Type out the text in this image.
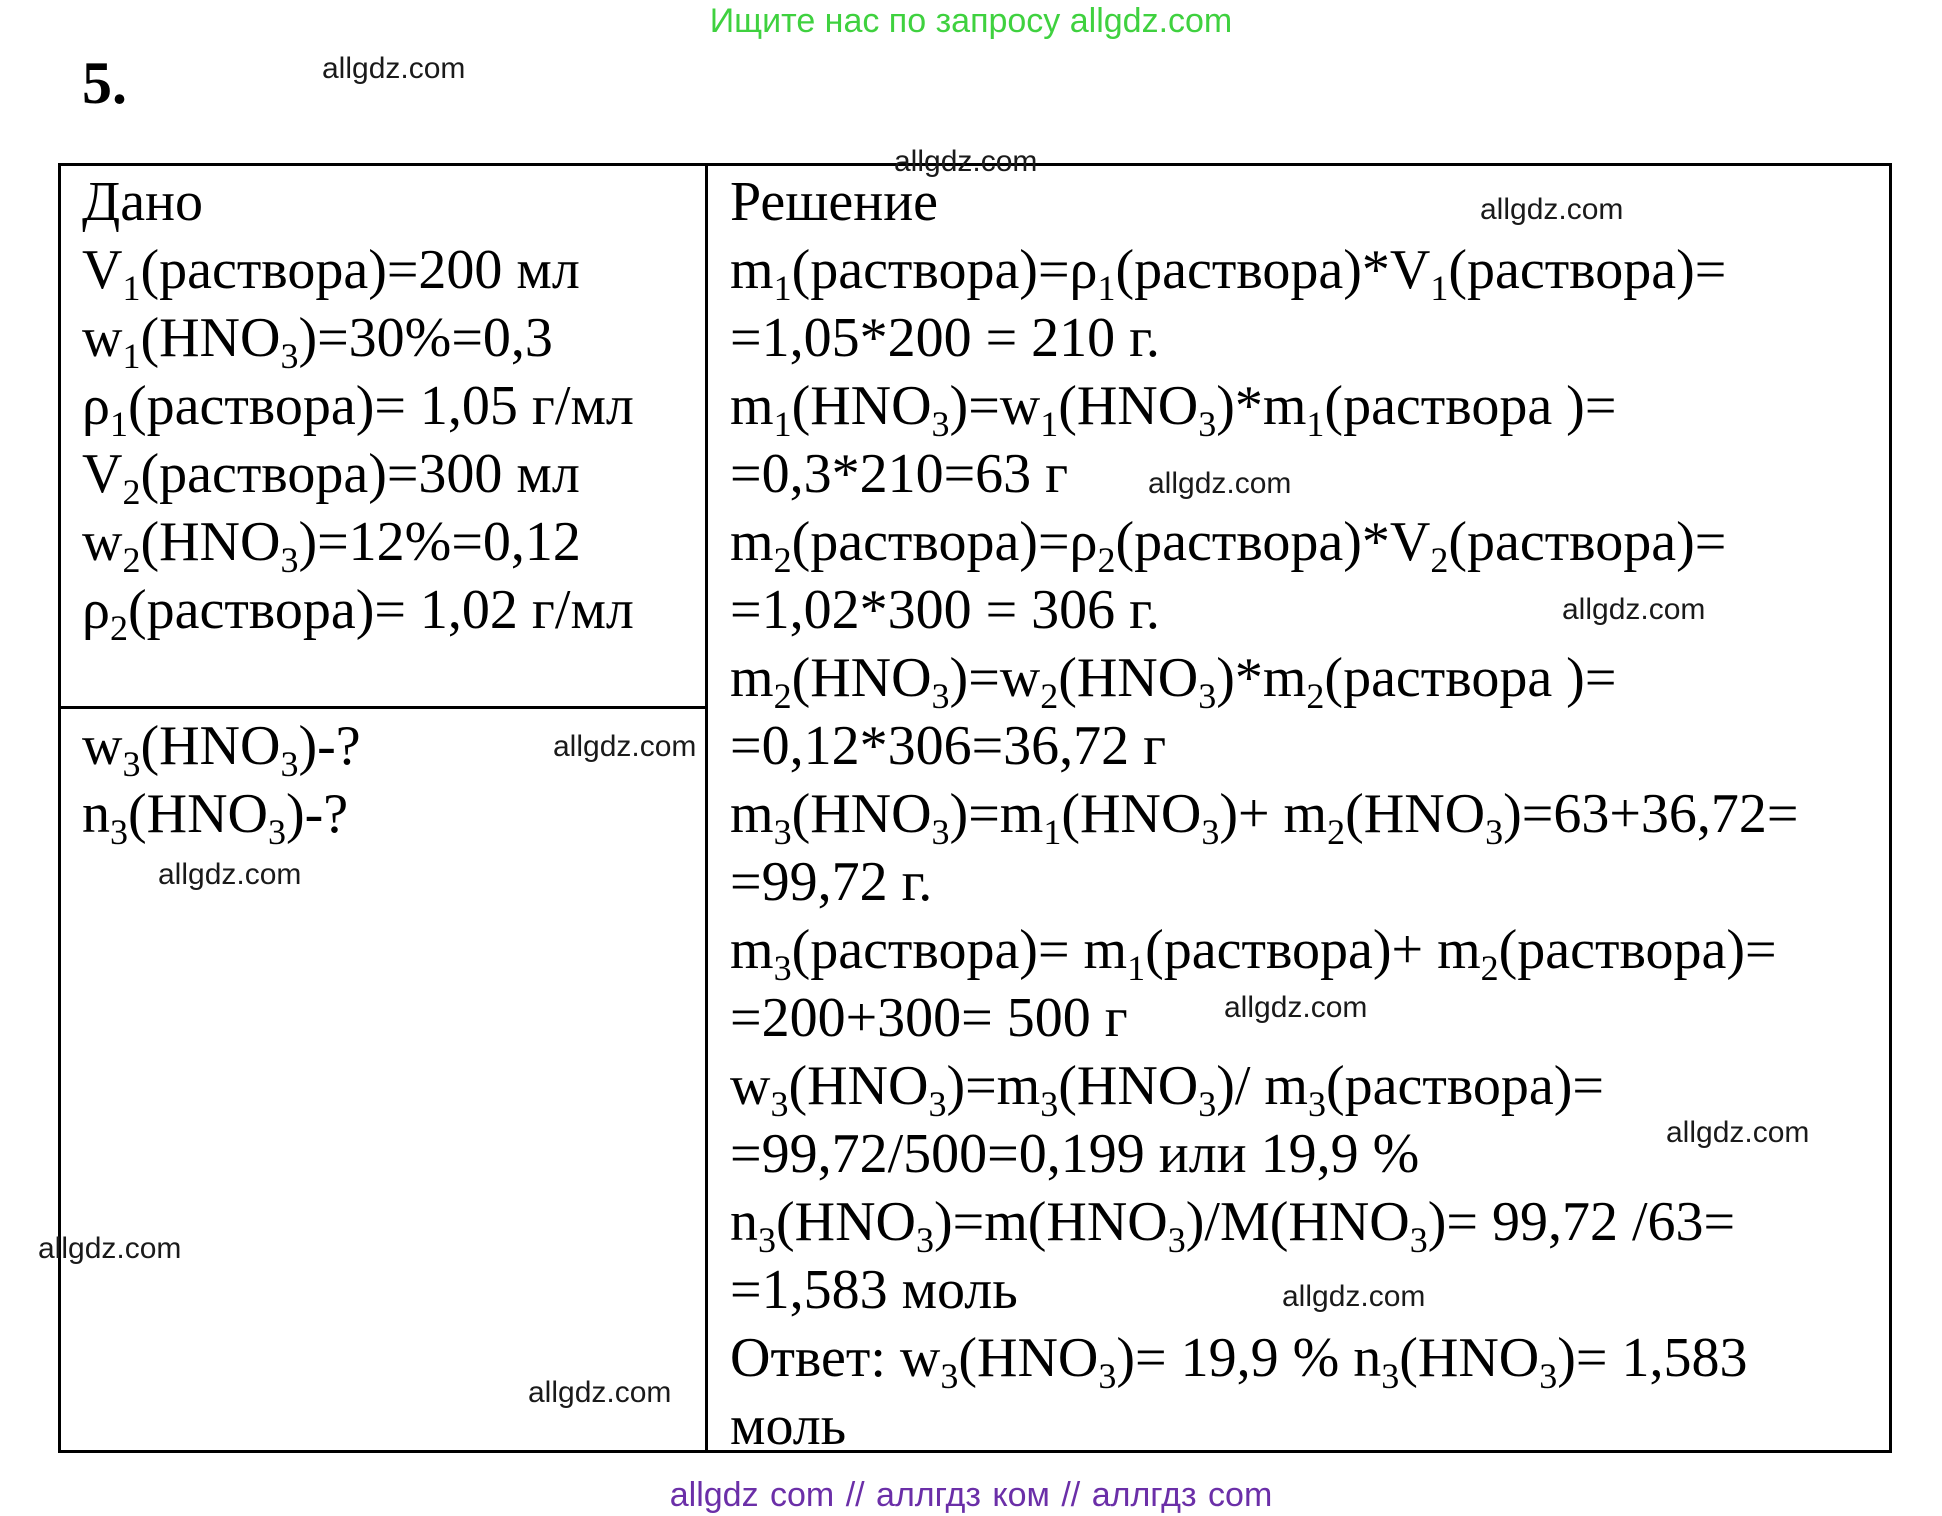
Ищите нас по запросу allgdz.com
5.
Дано
$V_1(раствора)=200$ мл
$w_1(HNO_3)=30\%=0,3$
$\rho_1(раствора)= 1,05$ г/мл
$V_2(раствора)=300$ мл
$w_2(HNO_3)=12\%=0,12$
$\rho_2(раствора)= 1,02$ г/мл
$w_3(HNO_3)-$?
$n_3(HNO_3)-$?
Решение
$m_1(раствора)=\rho_1(раствора)*V_1(раствора)=$
=1,05*200 = 210 г.
$m_1(HNO_3)=w_1(HNO_3)*m_1(раствора$ )=
=0,3*210=63 г
$m_2(раствора)=\rho_2(раствора)*V_2(раствора)=$
=1,02*300 = 306 г.
$m_2(HNO_3)=w_2(HNO_3)*m_2(раствора$ )=
=0,12*306=36,72 г
$m_3(HNO_3)=m_1(HNO_3)+ m_2(HNO_3)=63+36,72=$
=99,72 г.
$m_3(раствора)=$ $m_1(раствора)+$ $m_2(раствора)=$
=200+300= 500 г
$w_3(HNO_3)=m_3(HNO_3)/$ $m_3(раствора)=$
=99,72/500=0,199 или 19,9 %
$n_3(HNO_3)=m(HNO_3)/M(HNO_3)= 99,72$ /63=
=1,583 моль
Ответ: $w_3(HNO_3)= 19,9$ % $n_3(HNO_3)= 1,583$
моль
allgdz.com
allgdz.com
allgdz.com
allgdz.com
allgdz.com
allgdz.com
allgdz.com
allgdz.com
allgdz.com
allgdz.com
allgdz.com
allgdz.com
allgdz com // аллгдз ком // аллгдз com
